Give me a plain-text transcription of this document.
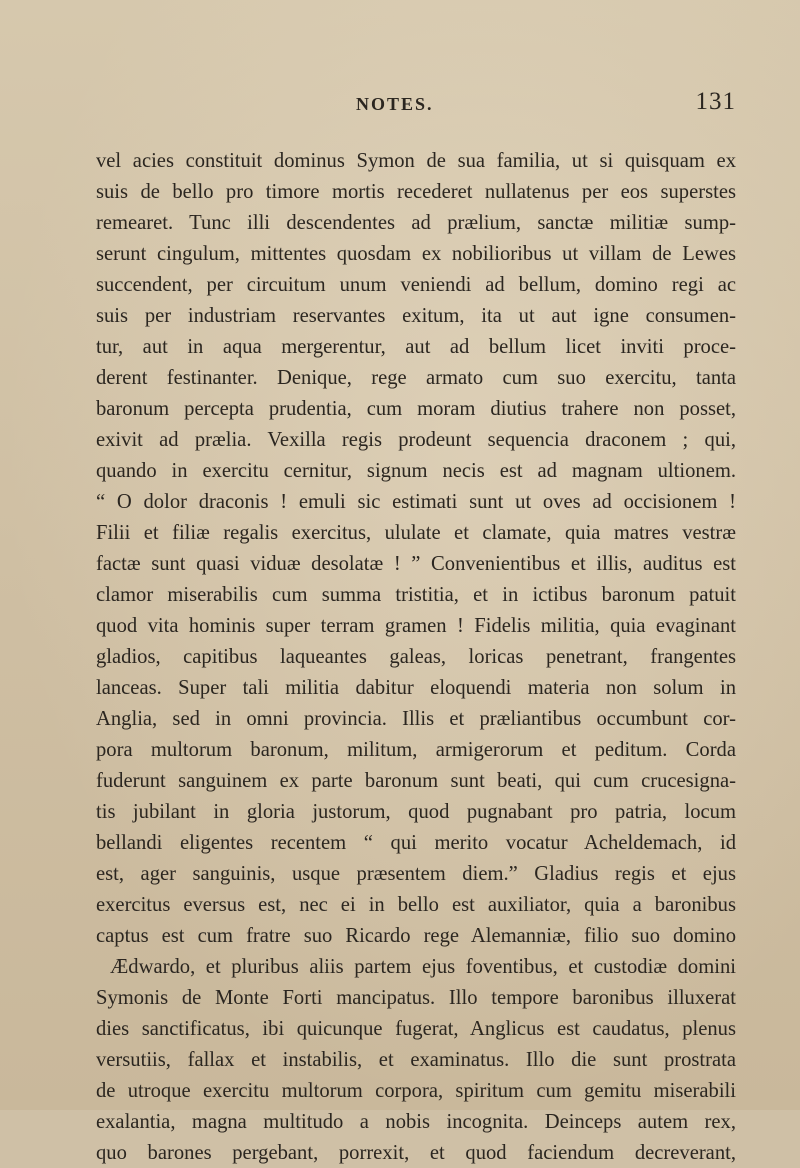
NOTES.	131
vel acies constituit dominus Symon de sua familia, ut si quisquam ex
suis de bello pro timore mortis recederet nullatenus per eos superstes
remearet. Tunc illi descendentes ad prælium, sanctæ militiæ sump-
serunt cingulum, mittentes quosdam ex nobilioribus ut villam de Lewes
succendent, per circuitum unum veniendi ad bellum, domino regi ac
suis per industriam reservantes exitum, ita ut aut igne consumen-
tur, aut in aqua mergerentur, aut ad bellum licet inviti proce-
derent festinanter. Denique, rege armato cum suo exercitu, tanta
baronum percepta prudentia, cum moram diutius trahere non posset,
exivit ad prælia. Vexilla regis prodeunt sequencia draconem ; qui,
quando in exercitu cernitur, signum necis est ad magnam ultionem.
“ O dolor draconis ! emuli sic estimati sunt ut oves ad occisionem !
Filii et filiæ regalis exercitus, ululate et clamate, quia matres vestræ
factæ sunt quasi viduæ desolatæ ! ” Convenientibus et illis, auditus est
clamor miserabilis cum summa tristitia, et in ictibus baronum patuit
quod vita hominis super terram gramen ! Fidelis militia, quia evaginant
gladios, capitibus laqueantes galeas, loricas penetrant, frangentes
lanceas. Super tali militia dabitur eloquendi materia non solum in
Anglia, sed in omni provincia. Illis et præliantibus occumbunt cor-
pora multorum baronum, militum, armigerorum et peditum. Corda
fuderunt sanguinem ex parte baronum sunt beati, qui cum crucesigna-
tis jubilant in gloria justorum, quod pugnabant pro patria, locum
bellandi eligentes recentem “ qui merito vocatur Acheldemach, id
est, ager sanguinis, usque præsentem diem.” Gladius regis et ejus
exercitus eversus est, nec ei in bello est auxiliator, quia a baronibus
captus est cum fratre suo Ricardo rege Alemanniæ, filio suo domino
Ædwardo, et pluribus aliis partem ejus foventibus, et custodiæ domini
Symonis de Monte Forti mancipatus. Illo tempore baronibus illuxerat
dies sanctificatus, ibi quicunque fugerat, Anglicus est caudatus, plenus
versutiis, fallax et instabilis, et examinatus. Illo die sunt prostrata
de utroque exercitu multorum corpora, spiritum cum gemitu miserabili
exalantia, magna multitudo a nobis incognita. Deinceps autem rex,
quo barones pergebant, porrexit, et quod faciendum decreverant,
